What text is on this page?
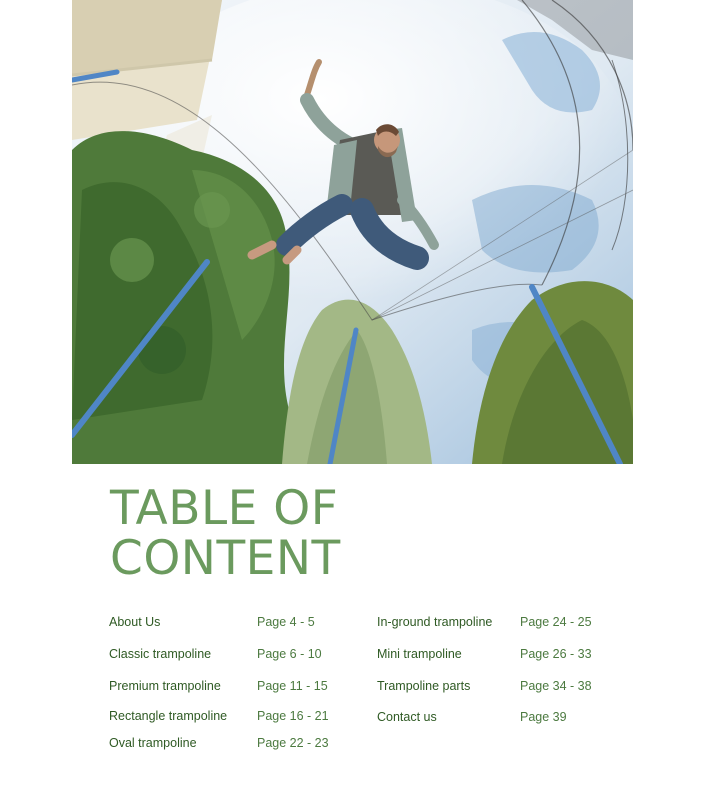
TABLE OF
CONTENT
About Us	Page 4 - 5
Classic trampoline	Page 6 - 10
Premium trampoline	Page 11 - 15
Rectangle trampoline Page 16 - 21
Oval trampoline	Page 22 - 23
In-ground trampoline Page 24 - 25
Mini trampoline	Page 26 - 33
Trampoline parts	Page 34 - 38
Contact us	Page 39
